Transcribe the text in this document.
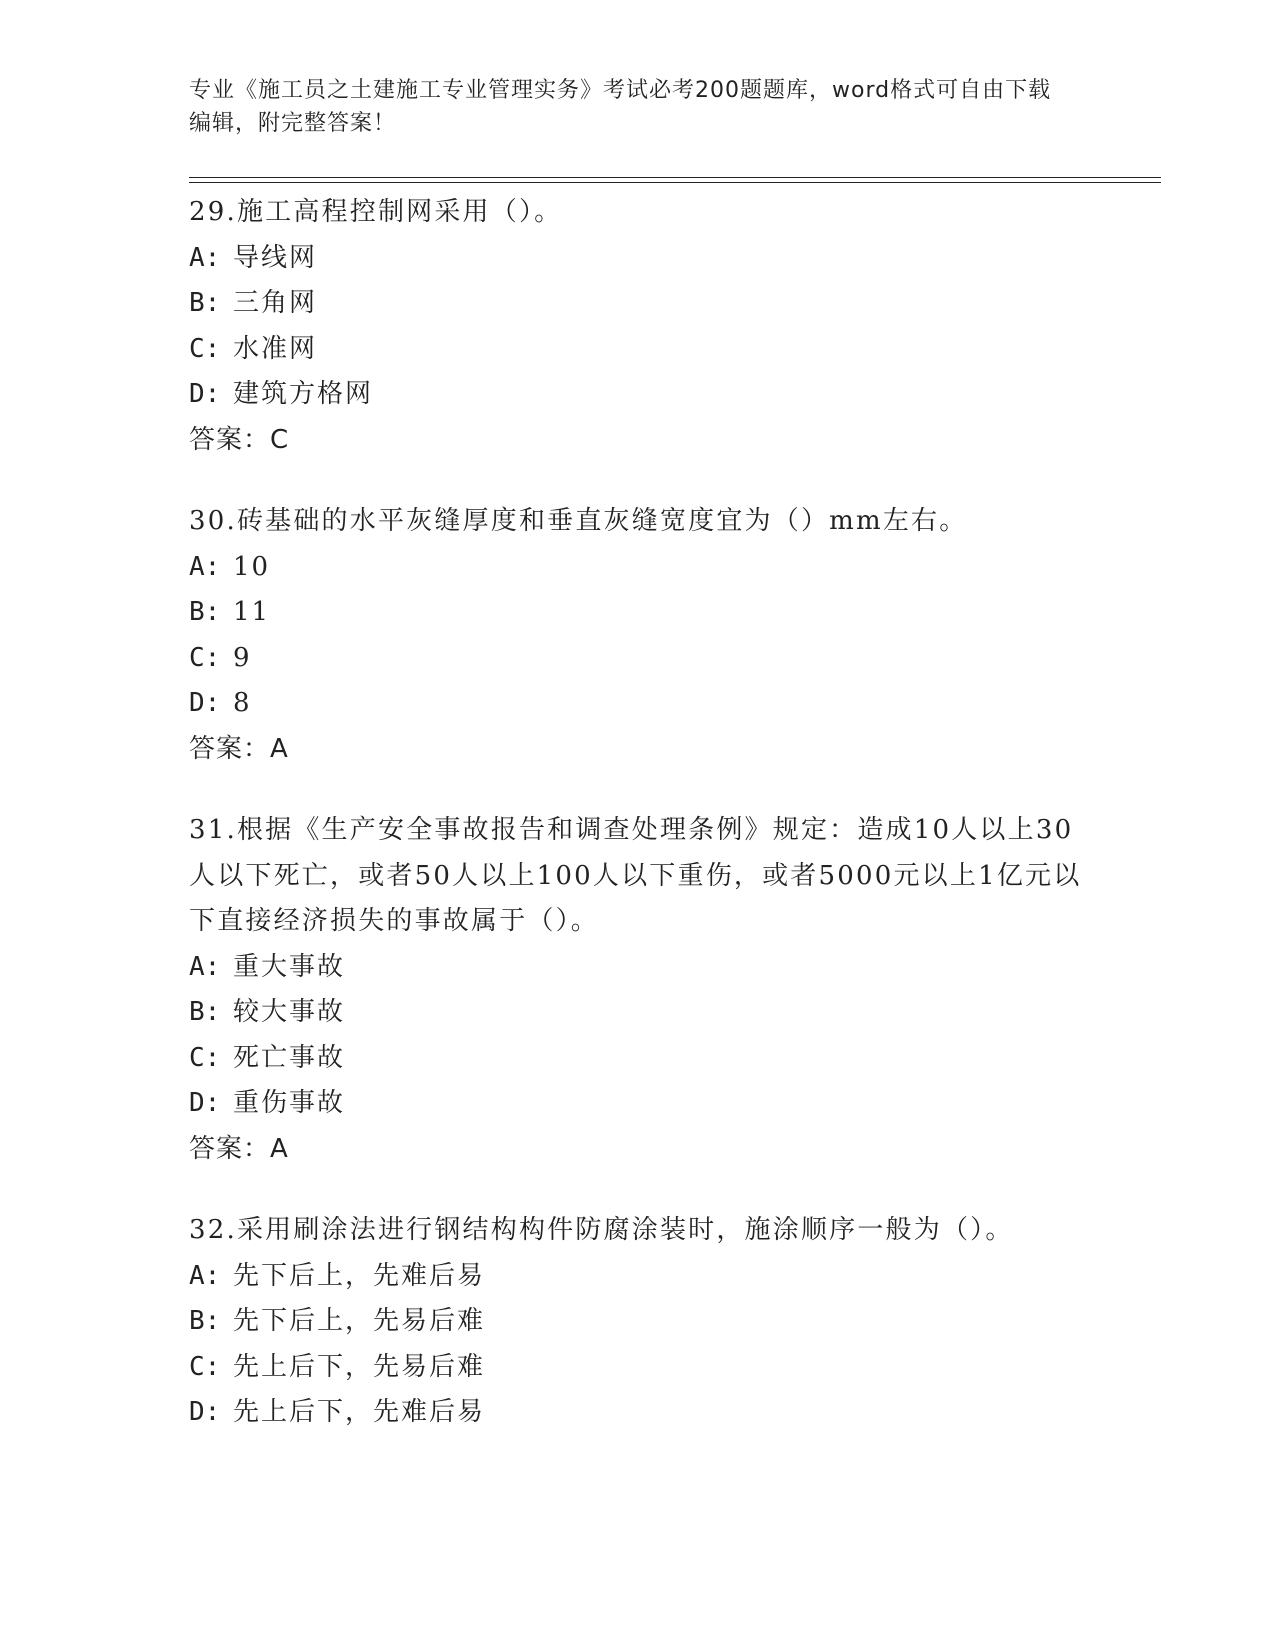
专业《施工员之土建施工专业管理实务》考试必考200题题库，word格式可自由下载编辑，附完整答案！
29.施工高程控制网采用（）。
A: 导线网
B: 三角网
C: 水准网
D: 建筑方格网
答案：C
30.砖基础的水平灰缝厚度和垂直灰缝宽度宜为（）mm左右。
A: 10
B: 11
C: 9
D: 8
答案：A
31.根据《生产安全事故报告和调查处理条例》规定：造成10人以上30人以下死亡，或者50人以上100人以下重伤，或者5000元以上1亿元以下直接经济损失的事故属于（）。
A: 重大事故
B: 较大事故
C: 死亡事故
D: 重伤事故
答案：A
32.采用刷涂法进行钢结构构件防腐涂装时，施涂顺序一般为（）。
A: 先下后上，先难后易
B: 先下后上，先易后难
C: 先上后下，先易后难
D: 先上后下，先难后易
